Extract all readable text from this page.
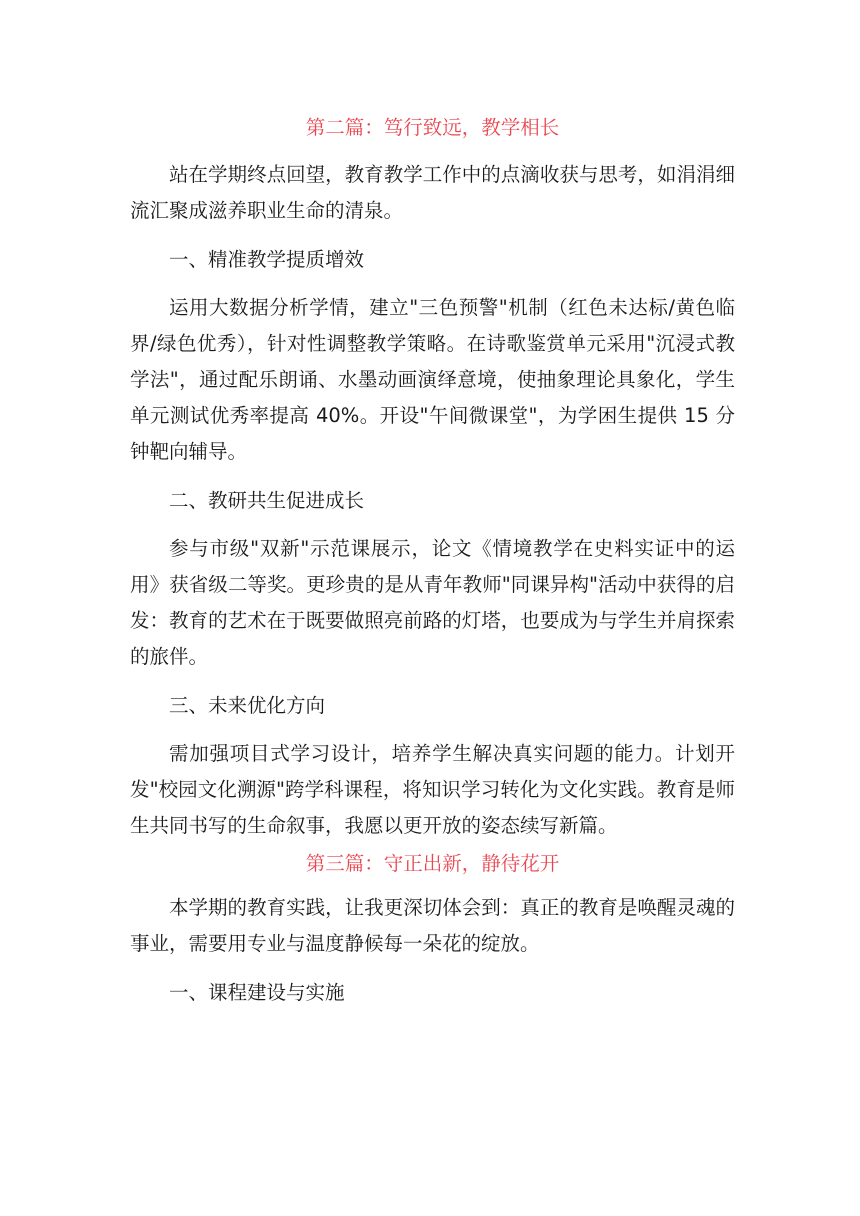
第二篇：笃行致远，教学相长

站在学期终点回望，教育教学工作中的点滴收获与思考，如涓涓细流汇聚成滋养职业生命的清泉。

一、精准教学提质增效

运用大数据分析学情，建立"三色预警"机制（红色未达标/黄色临界/绿色优秀），针对性调整教学策略。在诗歌鉴赏单元采用"沉浸式教学法"，通过配乐朗诵、水墨动画演绎意境，使抽象理论具象化，学生单元测试优秀率提高 40%。开设"午间微课堂"，为学困生提供 15 分钟靶向辅导。

二、教研共生促进成长

参与市级"双新"示范课展示，论文《情境教学在史料实证中的运用》获省级二等奖。更珍贵的是从青年教师"同课异构"活动中获得的启发：教育的艺术在于既要做照亮前路的灯塔，也要成为与学生并肩探索的旅伴。

三、未来优化方向

需加强项目式学习设计，培养学生解决真实问题的能力。计划开发"校园文化溯源"跨学科课程，将知识学习转化为文化实践。教育是师生共同书写的生命叙事，我愿以更开放的姿态续写新篇。

第三篇：守正出新，静待花开

本学期的教育实践，让我更深切体会到：真正的教育是唤醒灵魂的事业，需要用专业与温度静候每一朵花的绽放。

一、课程建设与实施
